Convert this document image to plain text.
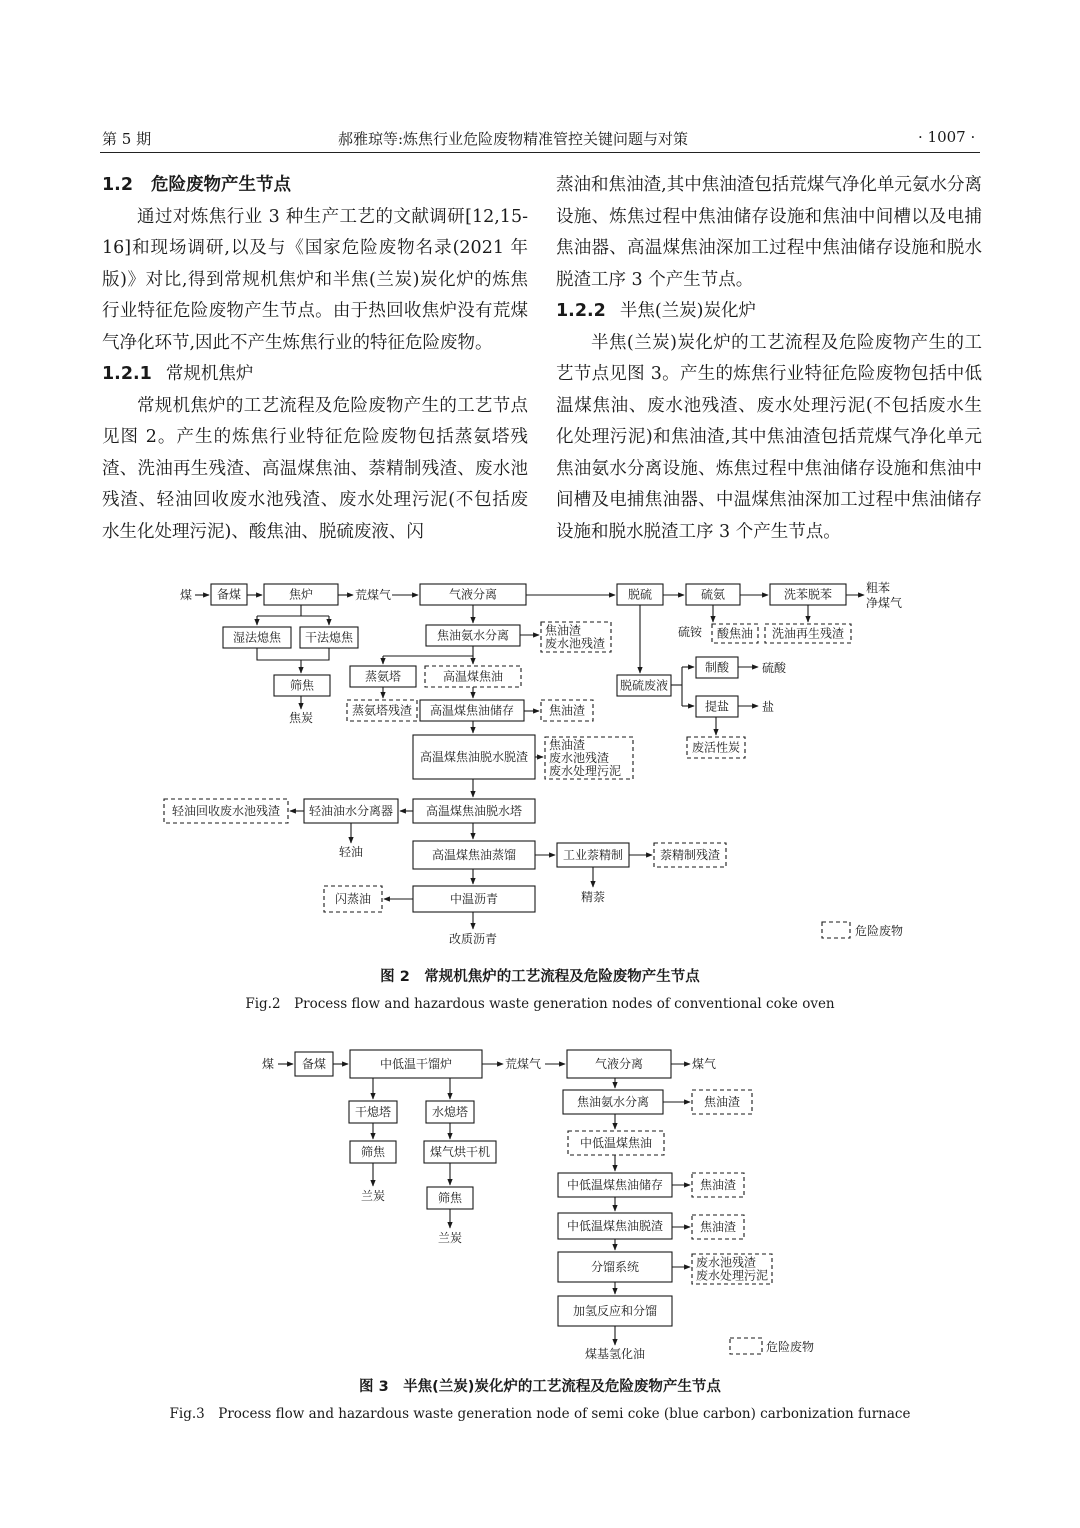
第 5 期	郝雅琼等:炼焦行业危险废物精准管控关键问题与对策	· 1007 ·
1.2 危险废物产生节点

通过对炼焦行业 3 种生产工艺的文献调研[12,15-16]和现场调研,以及与《国家危险废物名录(2021 年版)》对比,得到常规机焦炉和半焦(兰炭)炭化炉的炼焦行业特征危险废物产生节点。由于热回收焦炉没有荒煤气净化环节,因此不产生炼焦行业的特征危险废物。

1.2.1 常规机焦炉

常规机焦炉的工艺流程及危险废物产生的工艺节点见图 2。产生的炼焦行业特征危险废物包括蒸氨塔残渣、洗油再生残渣、高温煤焦油、萘精制残渣、废水池残渣、轻油回收废水池残渣、废水处理污泥(不包括废水生化处理污泥)、酸焦油、脱硫废液、闪

蒸油和焦油渣,其中焦油渣包括荒煤气净化单元氨水分离设施、炼焦过程中焦油储存设施和焦油中间槽以及电捕焦油器、高温煤焦油深加工过程中焦油储存设施和脱水脱渣工序 3 个产生节点。

1.2.2 半焦(兰炭)炭化炉

半焦(兰炭)炭化炉的工艺流程及危险废物产生的工艺节点见图 3。产生的炼焦行业特征危险废物包括中低温煤焦油、废水池残渣、废水处理污泥(不包括废水生化处理污泥)和焦油渣,其中焦油渣包括荒煤气净化单元焦油氨水分离设施、炼焦过程中焦油储存设施和焦油中间槽及电捕焦油器、中温煤焦油深加工过程中焦油储存设施和脱水脱渣工序 3 个产生节点。

煤 备煤	焦炉	荒煤气	气液分离	脱硫	硫氨	洗苯脱苯	粗苯
净煤气
湿法熄焦 干法熄焦
筛焦
焦炭
焦油氨水分离	焦油渣废水池残渣
硫铵 酸焦油 洗油再生残渣
蒸氨塔	高温煤焦油
蒸氨塔残渣 高温煤焦油储存	焦油渣
脱硫废液
制酸	硫酸
提盐	盐
废活性炭
高温煤焦油脱水脱渣
焦油渣废水池残渣废水处理污泥
高温煤焦油脱水塔
轻油油水分离器
轻油回收废水池残渣
轻油	高温煤焦油蒸馏	工业萘精制	萘精制残渣
精萘
中温沥青
闪蒸油
改质沥青
危险废物
煤 备煤	中低温干馏炉	荒煤气	气液分离	煤气
干熄塔	水熄塔
筛焦	煤气烘干机
兰炭	筛焦
兰炭
焦油氨水分离	焦油渣
中低温煤焦油
中低温煤焦油储存	焦油渣
中低温煤焦油脱渣	焦油渣
分馏系统	废水池残渣废水处理污泥
加氢反应和分馏
煤基氢化油	危险废物
图 2　常规机焦炉的工艺流程及危险废物产生节点
Fig.2　Process flow and hazardous waste generation nodes of conventional coke oven
图 3　半焦(兰炭)炭化炉的工艺流程及危险废物产生节点
Fig.3　Process flow and hazardous waste generation node of semi coke (blue carbon) carbonization furnace
